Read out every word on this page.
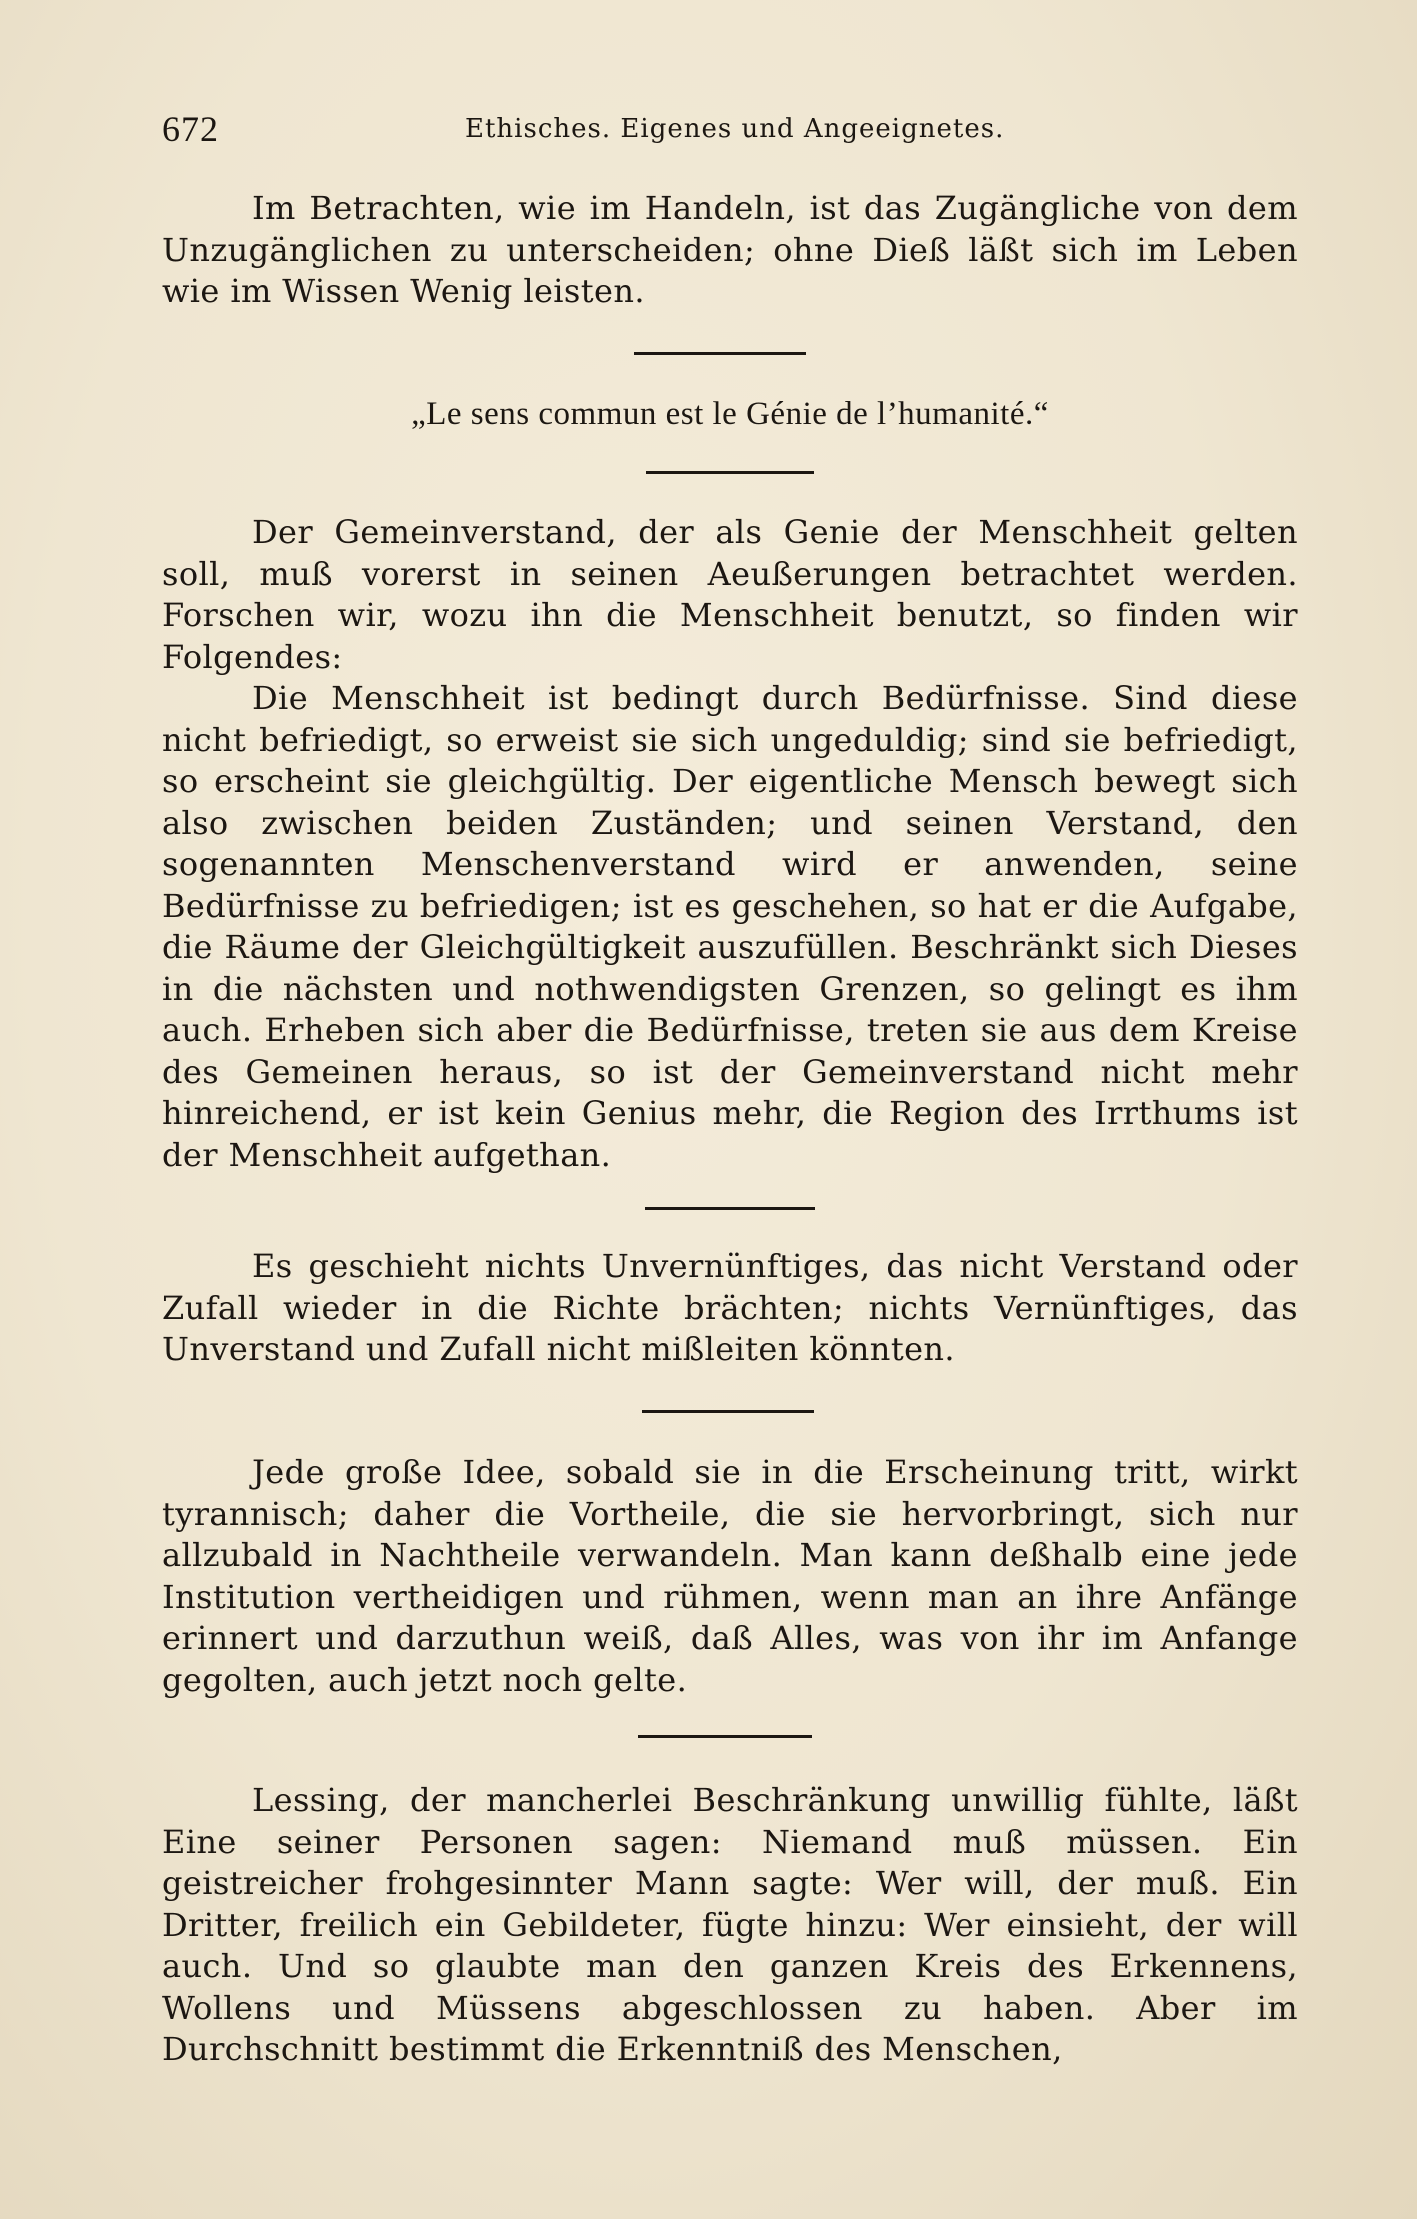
672	Ethisches. Eigenes und Angeeignetes.

Im Betrachten, wie im Handeln, ist das Zugängliche von dem Unzugänglichen zu unterscheiden; ohne Dieß läßt sich im Leben wie im Wissen Wenig leisten.

„Le sens commun est le Génie de l’humanité.“

Der Gemeinverstand, der als Genie der Menschheit gelten soll, muß vorerst in seinen Aeußerungen betrachtet werden. Forschen wir, wozu ihn die Menschheit benutzt, so finden wir Folgendes:

Die Menschheit ist bedingt durch Bedürfnisse. Sind diese nicht befriedigt, so erweist sie sich ungeduldig; sind sie befriedigt, so erscheint sie gleichgültig. Der eigentliche Mensch bewegt sich also zwischen beiden Zuständen; und seinen Verstand, den sogenannten Menschenverstand wird er anwenden, seine Bedürfnisse zu befriedigen; ist es geschehen, so hat er die Aufgabe, die Räume der Gleichgültigkeit auszufüllen. Beschränkt sich Dieses in die nächsten und nothwendigsten Grenzen, so gelingt es ihm auch. Erheben sich aber die Bedürfnisse, treten sie aus dem Kreise des Gemeinen heraus, so ist der Gemeinverstand nicht mehr hinreichend, er ist kein Genius mehr, die Region des Irrthums ist der Menschheit aufgethan.

Es geschieht nichts Unvernünftiges, das nicht Verstand oder Zufall wieder in die Richte brächten; nichts Vernünftiges, das Unverstand und Zufall nicht mißleiten könnten.

Jede große Idee, sobald sie in die Erscheinung tritt, wirkt tyrannisch; daher die Vortheile, die sie hervorbringt, sich nur allzubald in Nachtheile verwandeln. Man kann deßhalb eine jede Institution vertheidigen und rühmen, wenn man an ihre Anfänge erinnert und darzuthun weiß, daß Alles, was von ihr im Anfange gegolten, auch jetzt noch gelte.

Lessing, der mancherlei Beschränkung unwillig fühlte, läßt Eine seiner Personen sagen: Niemand muß müssen. Ein geistreicher frohgesinnter Mann sagte: Wer will, der muß. Ein Dritter, freilich ein Gebildeter, fügte hinzu: Wer einsieht, der will auch. Und so glaubte man den ganzen Kreis des Erkennens, Wollens und Müssens abgeschlossen zu haben. Aber im Durchschnitt bestimmt die Erkenntniß des Menschen,
